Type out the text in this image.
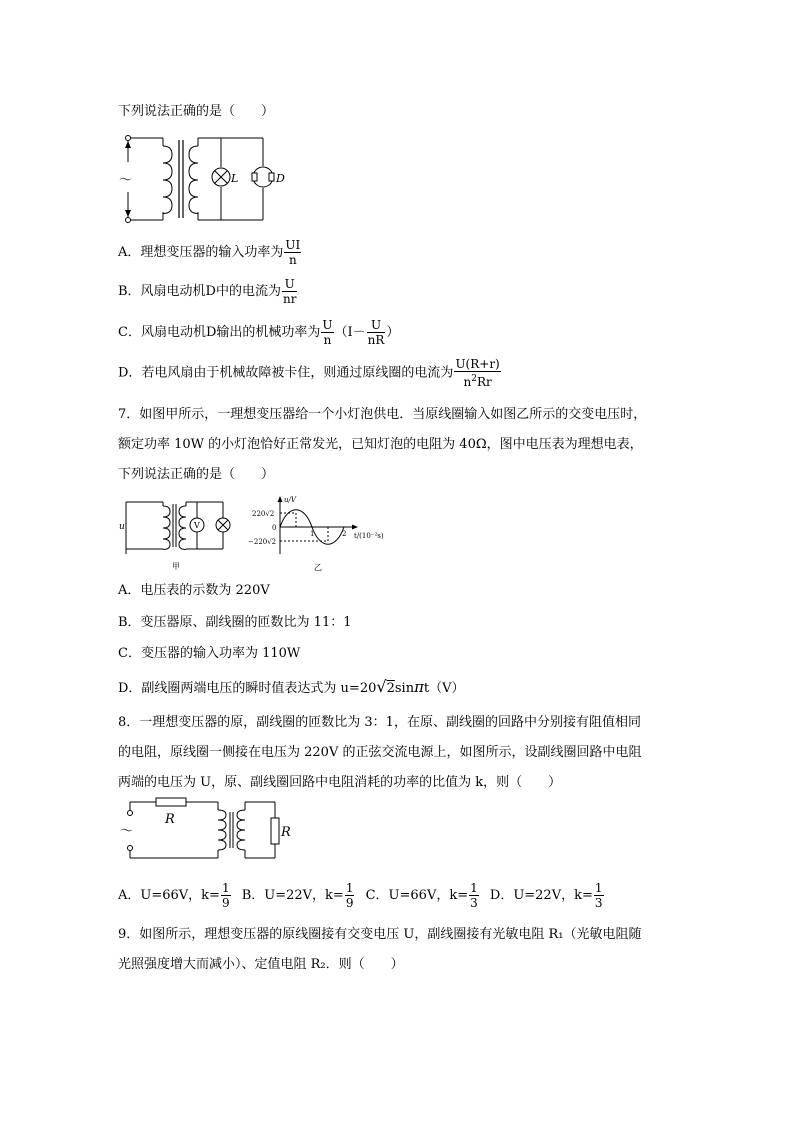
下列说法正确的是（　　）
～	L	D
A．理想变压器的输入功率为 $\frac{UI}{n}$
B．风扇电动机D中的电流为 $\frac{U}{nr}$
C．风扇电动机D输出的机械功率为 $\frac{U}{n} (I- \frac{U}{nR}$ ）
D．若电风扇由于机械故障被卡住，则通过原线圈的电流为 $\frac{U(R+r)}{n^2Rr}$
7．如图甲所示，一理想变压器给一个小灯泡供电．当原线圈输入如图乙所示的交变电压时，
额定功率 10W 的小灯泡恰好正常发光，已知灯泡的电阻为 40Ω，图中电压表为理想电表，
下列说法正确的是（　　）
u	V
甲
u/V
220√2
0
−220√2
1	2 t/(10⁻²s)
乙
A．电压表的示数为 220V
B．变压器原、副线圈的匝数比为 11：1
C．变压器的输入功率为 110W
D．副线圈两端电压的瞬时值表达式为 u=20√2sinπt（V）
8．一理想变压器的原，副线圈的匝数比为 3：1，在原、副线圈的回路中分别接有阻值相同
的电阻，原线圈一侧接在电压为 220V 的正弦交流电源上，如图所示，设副线圈回路中电阻
两端的电压为 U，原、副线圈回路中电阻消耗的功率的比值为 k，则（　　）
～
R
R
A．U=66V，$k= \frac{1}{9}$ B．U=22V，$k= \frac{1}{9}$ C．U=66V，$k= \frac{1}{3}$ D．U=22V，$k= \frac{1}{3}$
9．如图所示，理想变压器的原线圈接有交变电压 U，副线圈接有光敏电阻 R₁（光敏电阻随
光照强度增大而减小）、定值电阻 R₂．则（　　）
